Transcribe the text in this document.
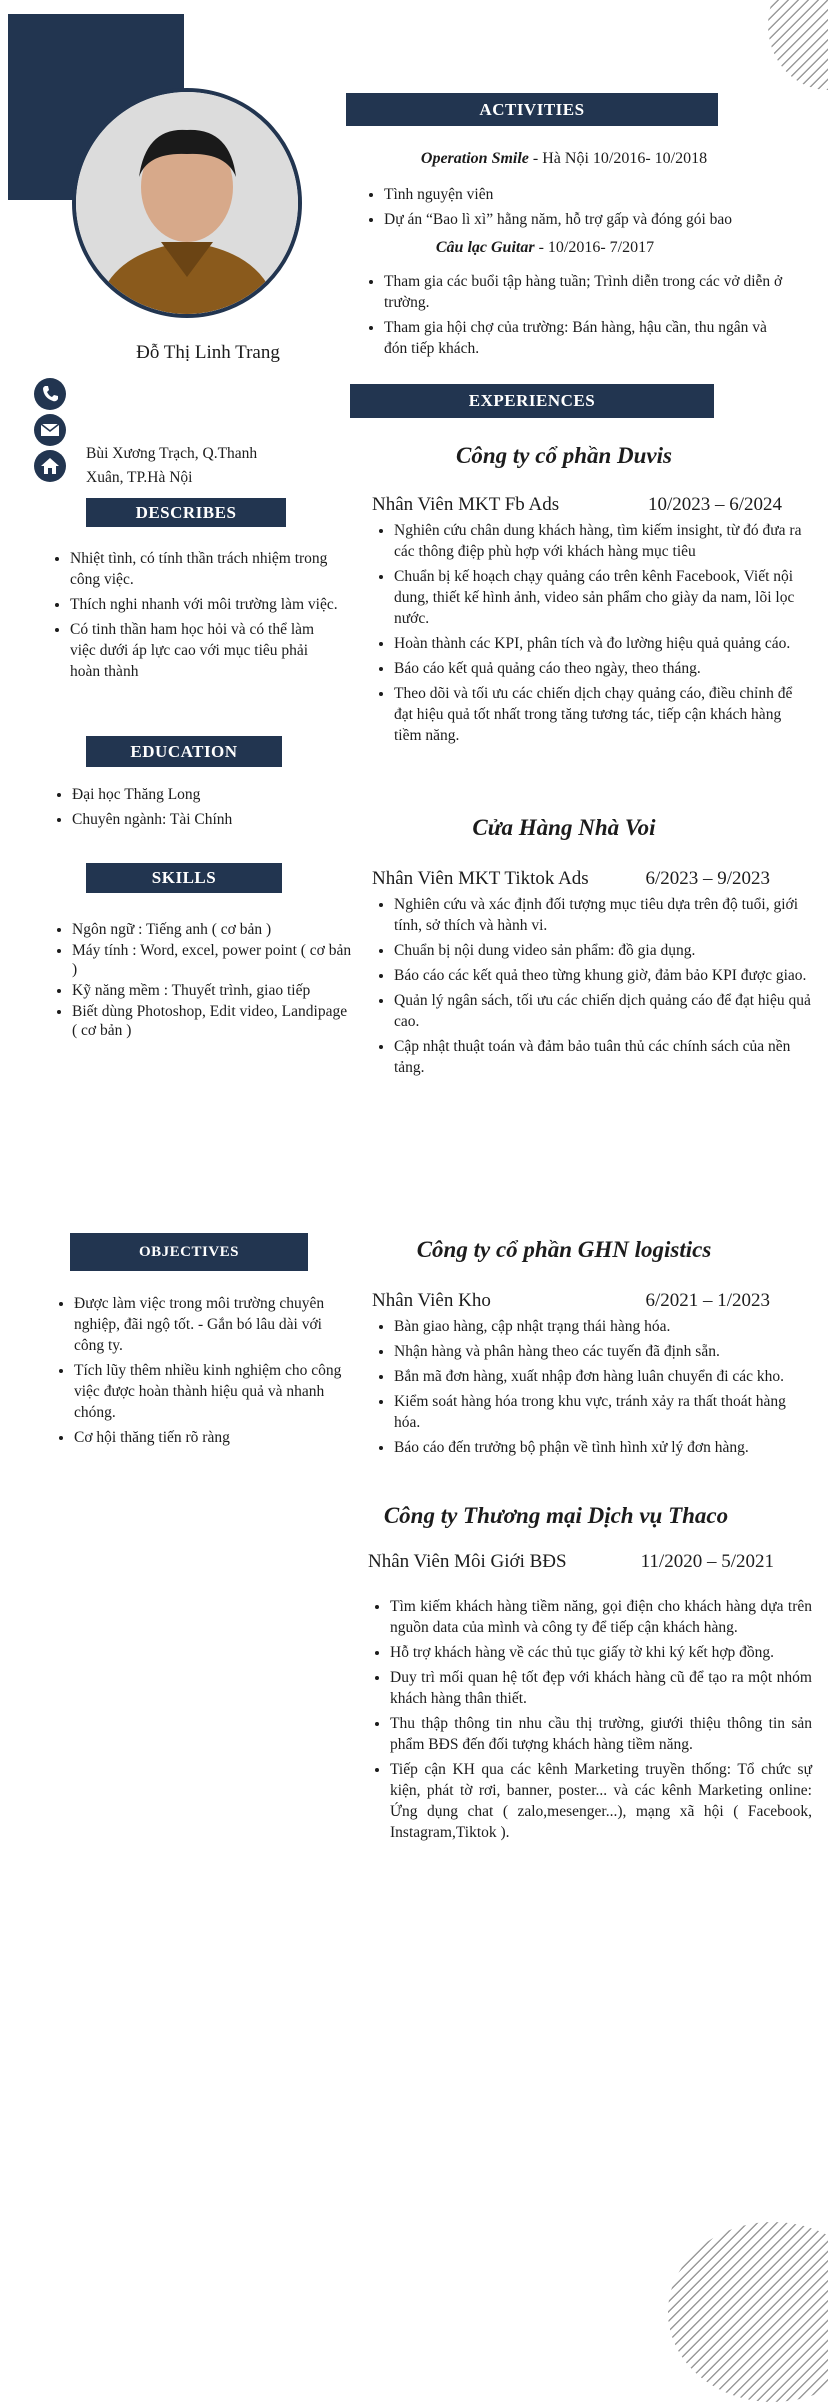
Đỗ Thị Linh Trang
Bùi Xương Trạch, Q.Thanh
Xuân, TP.Hà Nội
DESCRIBES
• Nhiệt tình, có tính thần trách nhiệm trong công việc.
• Thích nghi nhanh với môi trường làm việc.
• Có tinh thần ham học hỏi và có thể làm việc dưới áp lực cao với mục tiêu phải hoàn thành
EDUCATION
• Đại học Thăng Long
• Chuyên ngành: Tài Chính
SKILLS
• Ngôn ngữ : Tiếng anh ( cơ bản )
• Máy tính : Word, excel, power point ( cơ bản )
• Kỹ năng mềm : Thuyết trình, giao tiếp
• Biết dùng Photoshop, Edit video, Landipage ( cơ bản )
OBJECTIVES
• Được làm việc trong môi trường chuyên nghiệp, đãi ngộ tốt. - Gắn bó lâu dài với công ty.
• Tích lũy thêm nhiều kinh nghiệm cho công việc được hoàn thành hiệu quả và nhanh chóng.
• Cơ hội thăng tiến rõ ràng
ACTIVITIES
Operation Smile - Hà Nội 10/2016- 10/2018
• Tình nguyện viên
• Dự án “Bao lì xì” hằng năm, hỗ trợ gấp và đóng gói bao
Câu lạc Guitar - 10/2016- 7/2017
• Tham gia các buổi tập hàng tuần; Trình diễn trong các vở diễn ở trường.
• Tham gia hội chợ của trường: Bán hàng, hậu cần, thu ngân và đón tiếp khách.
EXPERIENCES
Công ty cổ phần Duvis
Nhân Viên MKT Fb Ads	10/2023 – 6/2024
• Nghiên cứu chân dung khách hàng, tìm kiếm insight, từ đó đưa ra các thông điệp phù hợp với khách hàng mục tiêu
• Chuẩn bị kế hoạch chạy quảng cáo trên kênh Facebook, Viết nội dung, thiết kế hình ảnh, video sản phẩm cho giày da nam, lõi lọc nước.
• Hoàn thành các KPI, phân tích và đo lường hiệu quả quảng cáo.
• Báo cáo kết quả quảng cáo theo ngày, theo tháng.
• Theo dõi và tối ưu các chiến dịch chạy quảng cáo, điều chỉnh để đạt hiệu quả tốt nhất trong tăng tương tác, tiếp cận khách hàng tiềm năng.
Cửa Hàng Nhà Voi
Nhân Viên MKT Tiktok Ads	6/2023 – 9/2023
• Nghiên cứu và xác định đối tượng mục tiêu dựa trên độ tuổi, giới tính, sở thích và hành vi.
• Chuẩn bị nội dung video sản phẩm: đồ gia dụng.
• Báo cáo các kết quả theo từng khung giờ, đảm bảo KPI được giao.
• Quản lý ngân sách, tối ưu các chiến dịch quảng cáo để đạt hiệu quả cao.
• Cập nhật thuật toán và đảm bảo tuân thủ các chính sách của nền tảng.
Công ty cổ phần GHN logistics
Nhân Viên Kho	6/2021 – 1/2023
• Bàn giao hàng, cập nhật trạng thái hàng hóa.
• Nhận hàng và phân hàng theo các tuyến đã định sẵn.
• Bắn mã đơn hàng, xuất nhập đơn hàng luân chuyển đi các kho.
• Kiểm soát hàng hóa trong khu vực, tránh xảy ra thất thoát hàng hóa.
• Báo cáo đến trưởng bộ phận về tình hình xử lý đơn hàng.
Công ty Thương mại Dịch vụ Thaco
Nhân Viên Môi Giới BĐS	11/2020 – 5/2021
• Tìm kiếm khách hàng tiềm năng, gọi điện cho khách hàng dựa trên nguồn data của mình và công ty để tiếp cận khách hàng.
• Hỗ trợ khách hàng về các thủ tục giấy tờ khi ký kết hợp đồng.
• Duy trì mối quan hệ tốt đẹp với khách hàng cũ để tạo ra một nhóm khách hàng thân thiết.
• Thu thập thông tin nhu cầu thị trường, giưới thiệu thông tin sản phẩm BĐS đến đối tượng khách hàng tiềm năng.
• Tiếp cận KH qua các kênh Marketing truyền thống: Tổ chức sự kiện, phát tờ rơi, banner, poster... và các kênh Marketing online: Ứng dụng chat ( zalo,mesenger...), mạng xã hội ( Facebook, Instagram,Tiktok ).
